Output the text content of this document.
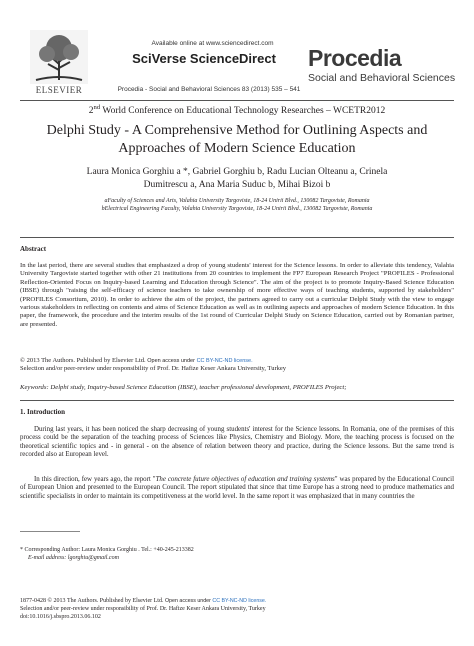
ELSEVIER
Available online at www.sciencedirect.com
SciVerse ScienceDirect
Procedia - Social and Behavioral Sciences 83 (2013) 535 – 541
Procedia
Social and Behavioral Sciences
2nd World Conference on Educational Technology Researches – WCETR2012
Delphi Study - A Comprehensive Method for Outlining Aspects and Approaches of Modern Science Education
Laura Monica Gorghiu a *, Gabriel Gorghiu b, Radu Lucian Olteanu a, Crinela
Dumitrescu a, Ana Maria Suduc b, Mihai Bizoi b
aFaculty of Sciences and Arts, Valahia University Targoviste, 18-24 Unirii Blvd., 130082 Targoviste, Romania
bElectrical Engineering Faculty, Valahia University Targoviste, 18-24 Unirii Blvd., 130082 Targoviste, Romania
Abstract
In the last period, there are several studies that emphasized a drop of young students' interest for the Science lessons. In order to alleviate this tendency, Valahia University Targoviste started together with other 21 institutions from 20 countries to implement the FP7 European Research Project "PROFILES - Professional Reflection-Oriented Focus on Inquiry-based Learning and Education through Science". The aim of the project is to promote Inquiry-Based Science Education (IBSE) through "raising the self-efficacy of science teachers to take ownership of more effective ways of teaching students, supported by stakeholders" (PROFILES Consortium, 2010). In order to achieve the aim of the project, the partners agreed to carry out a curricular Delphi Study with the view to engage various stakeholders in reflecting on contents and aims of Science Education as well as in outlining aspects and approaches of modern Science Education. In this paper, the framework, the procedure and the interim results of the 1st round of Curricular Delphi Study on Science Education, carried out by Romanian partner, are presented.
© 2013 The Authors. Published by Elsevier Ltd. Open access under CC BY-NC-ND license.
Selection and/or peer-review under responsibility of Prof. Dr. Hafize Keser Ankara University, Turkey
Keywords: Delphi study, Inquiry-based Science Education (IBSE), teacher professional development, PROFILES Project;
1. Introduction
During last years, it has been noticed the sharp decreasing of young students' interest for the Science lessons. In Romania, one of the premises of this process could be the separation of the teaching process of Sciences like Physics, Chemistry and Biology. More, the teaching process is focused on the theoretical scientific topics and - in general - on the absence of relation between theory and practice, during the Science lessons. But the same trend is recorded also at European level.
In this direction, few years ago, the report "The concrete future objectives of education and training systems" was prepared by the Educational Council of European Union and presented to the European Council. The report stipulated that since that time Europe has a strong need to produce mathematics and scientific specialists in order to maintain its competitiveness at the world level. In the same report it was emphasized that in many countries the
* Corresponding Author: Laura Monica Gorghiu . Tel.: +40-245-213382
E-mail address: lgorghiu@gmail.com
1877-0428 © 2013 The Authors. Published by Elsevier Ltd. Open access under CC BY-NC-ND license.
Selection and/or peer-review under responsibility of Prof. Dr. Hafize Keser Ankara University, Turkey
doi:10.1016/j.sbspro.2013.06.102
